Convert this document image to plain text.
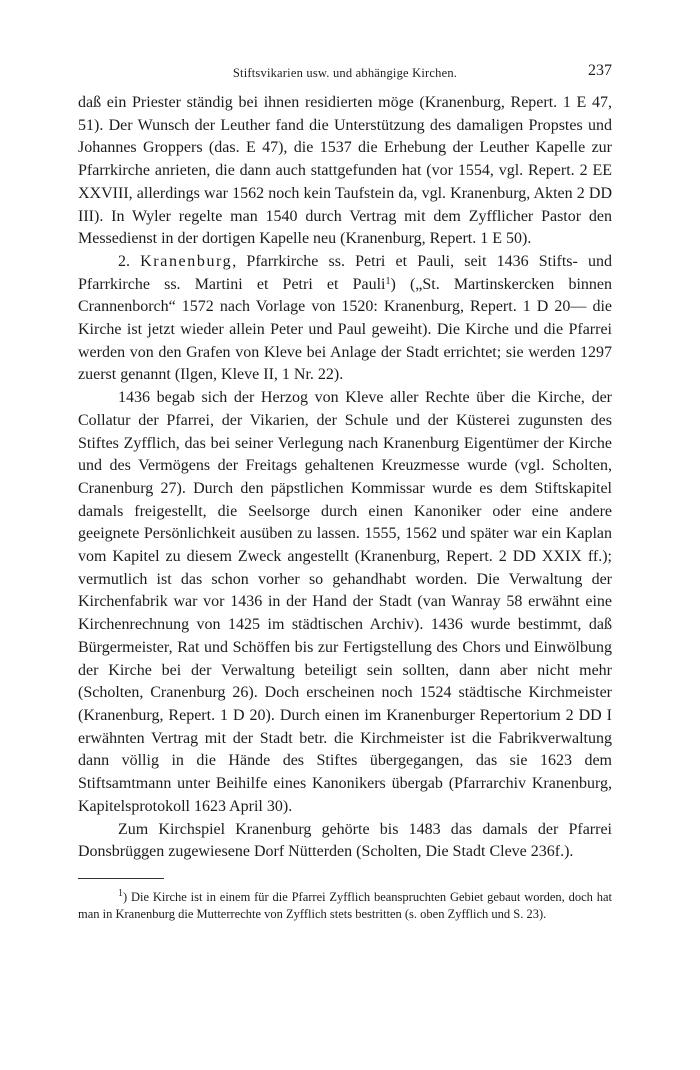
Stiftsvikarien usw. und abhängige Kirchen.	237

daß ein Priester ständig bei ihnen residierten möge (Kranenburg, Repert. 1 E 47, 51). Der Wunsch der Leuther fand die Unterstützung des damaligen Propstes und Johannes Groppers (das. E 47), die 1537 die Erhebung der Leuther Kapelle zur Pfarrkirche anrieten, die dann auch stattgefunden hat (vor 1554, vgl. Repert. 2 EE XXVIII, allerdings war 1562 noch kein Taufstein da, vgl. Kranenburg, Akten 2 DD III). In Wyler regelte man 1540 durch Vertrag mit dem Zyfflicher Pastor den Messedienst in der dortigen Kapelle neu (Kranenburg, Repert. 1 E 50).

2. Kranenburg, Pfarrkirche ss. Petri et Pauli, seit 1436 Stifts- und Pfarrkirche ss. Martini et Petri et Pauli$^1$) („St. Martinskercken binnen Crannenborch“ 1572 nach Vorlage von 1520: Kranenburg, Repert. 1 D 20— die Kirche ist jetzt wieder allein Peter und Paul geweiht). Die Kirche und die Pfarrei werden von den Grafen von Kleve bei Anlage der Stadt errichtet; sie werden 1297 zuerst genannt (Ilgen, Kleve II, 1 Nr. 22).

1436 begab sich der Herzog von Kleve aller Rechte über die Kirche, der Collatur der Pfarrei, der Vikarien, der Schule und der Küsterei zugunsten des Stiftes Zyfflich, das bei seiner Verlegung nach Kranenburg Eigentümer der Kirche und des Vermögens der Freitags gehaltenen Kreuzmesse wurde (vgl. Scholten, Cranenburg 27). Durch den päpstlichen Kommissar wurde es dem Stiftskapitel damals freigestellt, die Seelsorge durch einen Kanoniker oder eine andere geeignete Persönlichkeit ausüben zu lassen. 1555, 1562 und später war ein Kaplan vom Kapitel zu diesem Zweck angestellt (Kranenburg, Repert. 2 DD XXIX ff.); vermutlich ist das schon vorher so gehandhabt worden. Die Verwaltung der Kirchenfabrik war vor 1436 in der Hand der Stadt (van Wanray 58 erwähnt eine Kirchenrechnung von 1425 im städtischen Archiv). 1436 wurde bestimmt, daß Bürgermeister, Rat und Schöffen bis zur Fertigstellung des Chors und Einwölbung der Kirche bei der Verwaltung beteiligt sein sollten, dann aber nicht mehr (Scholten, Cranenburg 26). Doch erscheinen noch 1524 städtische Kirchmeister (Kranenburg, Repert. 1 D 20). Durch einen im Kranenburger Repertorium 2 DD I erwähnten Vertrag mit der Stadt betr. die Kirchmeister ist die Fabrikverwaltung dann völlig in die Hände des Stiftes übergegangen, das sie 1623 dem Stiftsamtmann unter Beihilfe eines Kanonikers übergab (Pfarrarchiv Kranenburg, Kapitelsprotokoll 1623 April 30).

Zum Kirchspiel Kranenburg gehörte bis 1483 das damals der Pfarrei Donsbrüggen zugewiesene Dorf Nütterden (Scholten, Die Stadt Cleve 236f.).

$^1$) Die Kirche ist in einem für die Pfarrei Zyfflich beanspruchten Gebiet gebaut worden, doch hat man in Kranenburg die Mutterrechte von Zyfflich stets bestritten (s. oben Zyfflich und S. 23).
